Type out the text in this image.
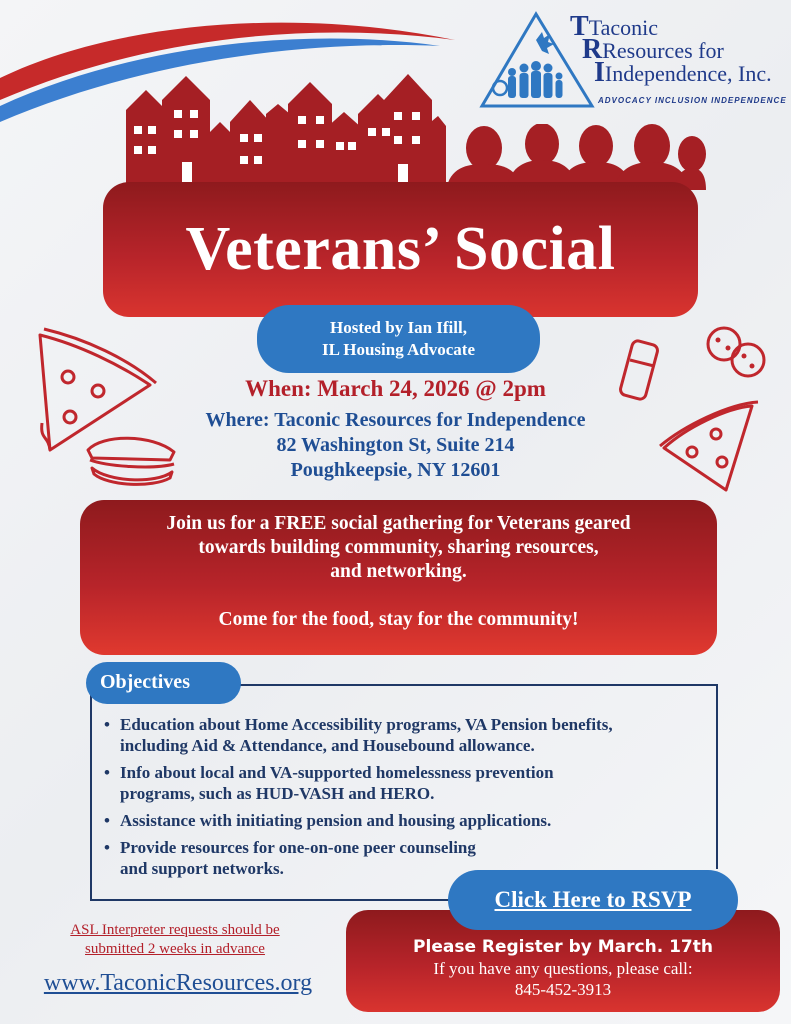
TTaconic
RResources for
IIndependence, Inc.
ADVOCACY INCLUSION INDEPENDENCE
Veterans’ Social
Hosted by Ian Ifill,
IL Housing Advocate
When: March 24, 2026 @ 2pm
Where: Taconic Resources for Independence
82 Washington St, Suite 214
Poughkeepsie, NY 12601

Join us for a FREE social gathering for Veterans geared

towards building community, sharing resources,

and networking.

Come for the food, stay for the community!

Objectives
• Education about Home Accessibility programs, VA Pension benefits,
including Aid & Attendance, and Housebound allowance.
• Info about local and VA-supported homelessness prevention
programs, such as HUD-VASH and HERO.
• Assistance with initiating pension and housing applications.
• Provide resources for one-on-one peer counseling
and support networks.
Please Register by March. 17th
If you have any questions, please call:
845-452-3913
Click Here to RSVP
ASL Interpreter requests should be
submitted 2 weeks in advance
www.TaconicResources.org
